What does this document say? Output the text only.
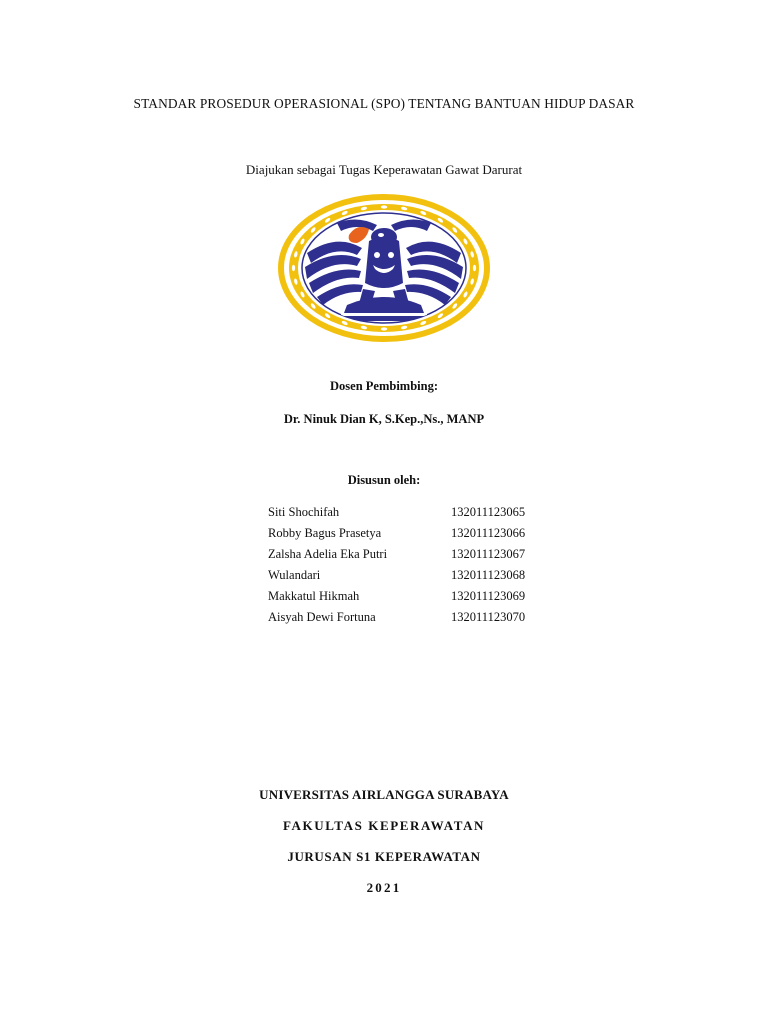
STANDAR PROSEDUR OPERASIONAL (SPO) TENTANG BANTUAN HIDUP DASAR
Diajukan sebagai Tugas Keperawatan Gawat Darurat
Dosen Pembimbing:
Dr. Ninuk Dian K, S.Kep.,Ns., MANP
Disusun oleh:
Siti Shochifah	132011123065
Robby Bagus Prasetya	132011123066
Zalsha Adelia Eka Putri	132011123067
Wulandari	132011123068
Makkatul Hikmah	132011123069
Aisyah Dewi Fortuna	132011123070
UNIVERSITAS AIRLANGGA SURABAYA
FAKULTAS KEPERAWATAN
JURUSAN S1 KEPERAWATAN
2021
